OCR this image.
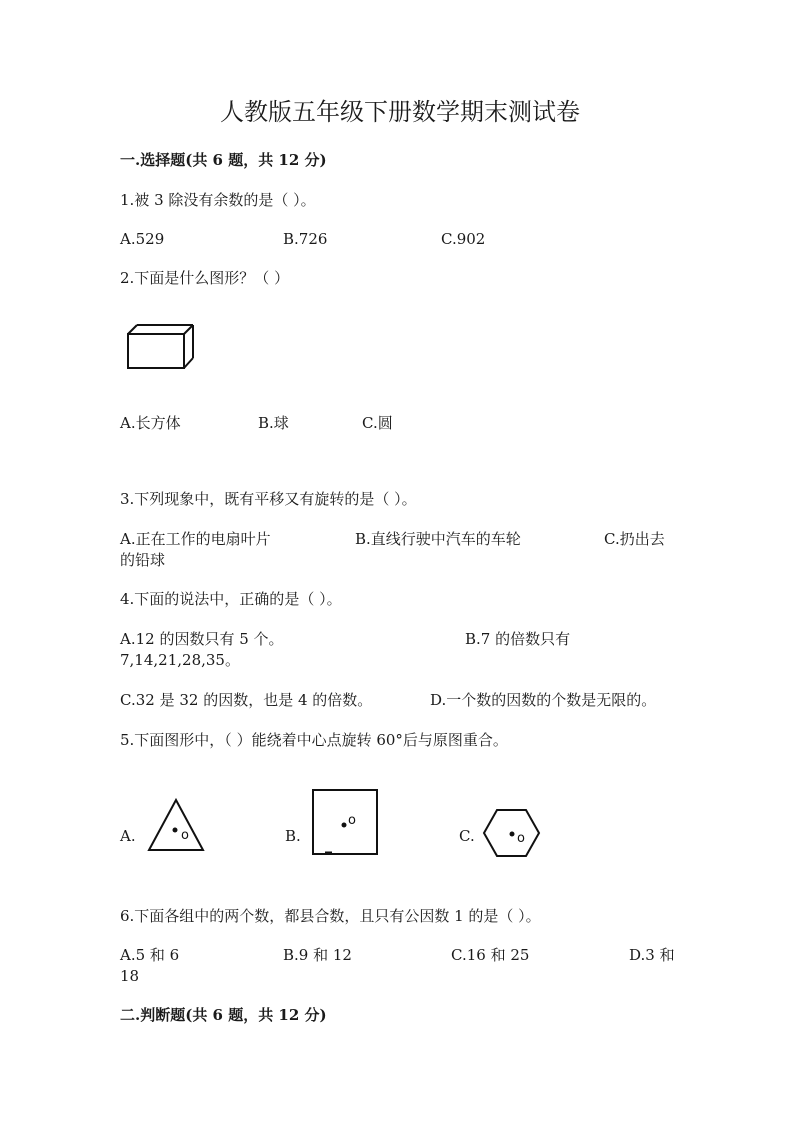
人教版五年级下册数学期末测试卷
一.选择题(共 6 题，共 12 分)
1.被 3 除没有余数的是（ ）。
A.529	B.726	C.902
2.下面是什么图形？（ ）
A.长方体	B.球	C.圆
3.下列现象中，既有平移又有旋转的是（ ）。
A.正在工作的电扇叶片	B.直线行驶中汽车的车轮	C.扔出去
的铅球
4.下面的说法中，正确的是（ ）。
A.12 的因数只有 5 个。	B.7 的倍数只有
7,14,21,28,35。
C.32 是 32 的因数，也是 4 的倍数。	D.一个数的因数的个数是无限的。
5.下面图形中，（ ）能绕着中心点旋转 60°后与原图重合。
A.	B.	C.
o
o
o
6.下面各组中的两个数，都县合数，且只有公因数 1 的是（ ）。
A.5 和 6	B.9 和 12	C.16 和 25	D.3 和
18
二.判断题(共 6 题，共 12 分)
